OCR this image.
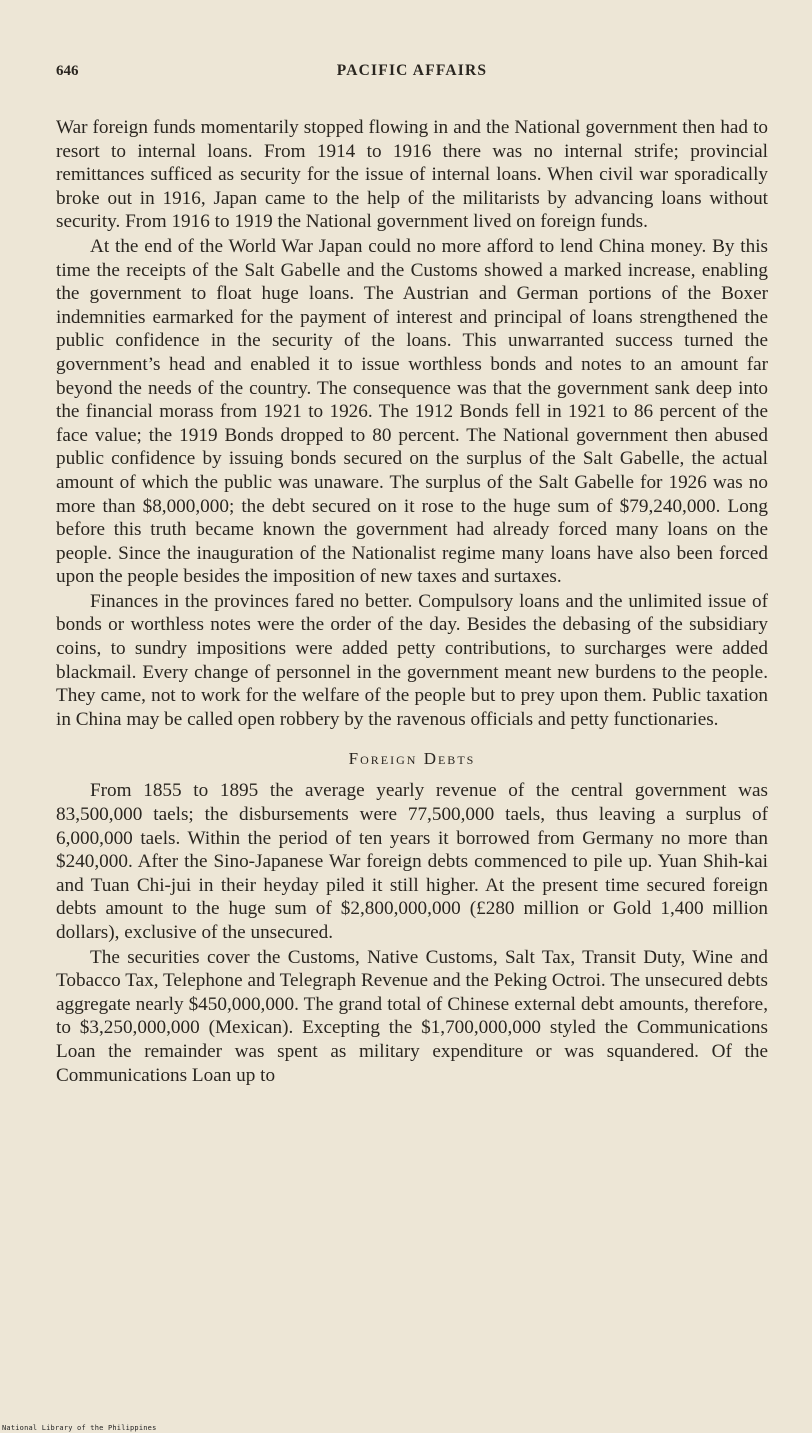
646	PACIFIC AFFAIRS

War foreign funds momentarily stopped flowing in and the National government then had to resort to internal loans. From 1914 to 1916 there was no internal strife; provincial remittances sufficed as security for the issue of internal loans. When civil war sporadically broke out in 1916, Japan came to the help of the militarists by advancing loans without security. From 1916 to 1919 the National government lived on foreign funds.

At the end of the World War Japan could no more afford to lend China money. By this time the receipts of the Salt Gabelle and the Customs showed a marked increase, enabling the government to float huge loans. The Austrian and German portions of the Boxer indemnities earmarked for the payment of interest and principal of loans strengthened the public confidence in the security of the loans. This unwarranted success turned the government’s head and enabled it to issue worthless bonds and notes to an amount far beyond the needs of the country. The consequence was that the government sank deep into the financial morass from 1921 to 1926. The 1912 Bonds fell in 1921 to 86 percent of the face value; the 1919 Bonds dropped to 80 percent. The National government then abused public confidence by issuing bonds secured on the surplus of the Salt Gabelle, the actual amount of which the public was unaware. The surplus of the Salt Gabelle for 1926 was no more than $8,000,000; the debt secured on it rose to the huge sum of $79,240,000. Long before this truth became known the government had already forced many loans on the people. Since the inauguration of the Nationalist regime many loans have also been forced upon the people besides the imposition of new taxes and surtaxes.

Finances in the provinces fared no better. Compulsory loans and the unlimited issue of bonds or worthless notes were the order of the day. Besides the debasing of the subsidiary coins, to sundry impositions were added petty contributions, to surcharges were added blackmail. Every change of personnel in the government meant new burdens to the people. They came, not to work for the welfare of the people but to prey upon them. Public taxation in China may be called open robbery by the ravenous officials and petty functionaries.

Foreign Debts

From 1855 to 1895 the average yearly revenue of the central government was 83,500,000 taels; the disbursements were 77,500,000 taels, thus leaving a surplus of 6,000,000 taels. Within the period of ten years it borrowed from Germany no more than $240,000. After the Sino-Japanese War foreign debts commenced to pile up. Yuan Shih-kai and Tuan Chi-jui in their heyday piled it still higher. At the present time secured foreign debts amount to the huge sum of $2,800,000,000 (£280 million or Gold 1,400 million dollars), exclusive of the unsecured.

The securities cover the Customs, Native Customs, Salt Tax, Transit Duty, Wine and Tobacco Tax, Telephone and Telegraph Revenue and the Peking Octroi. The unsecured debts aggregate nearly $450,000,000. The grand total of Chinese external debt amounts, therefore, to $3,250,000,000 (Mexican). Excepting the $1,700,000,000 styled the Communications Loan the remainder was spent as military expenditure or was squandered. Of the Communications Loan up to

National Library of the Philippines
